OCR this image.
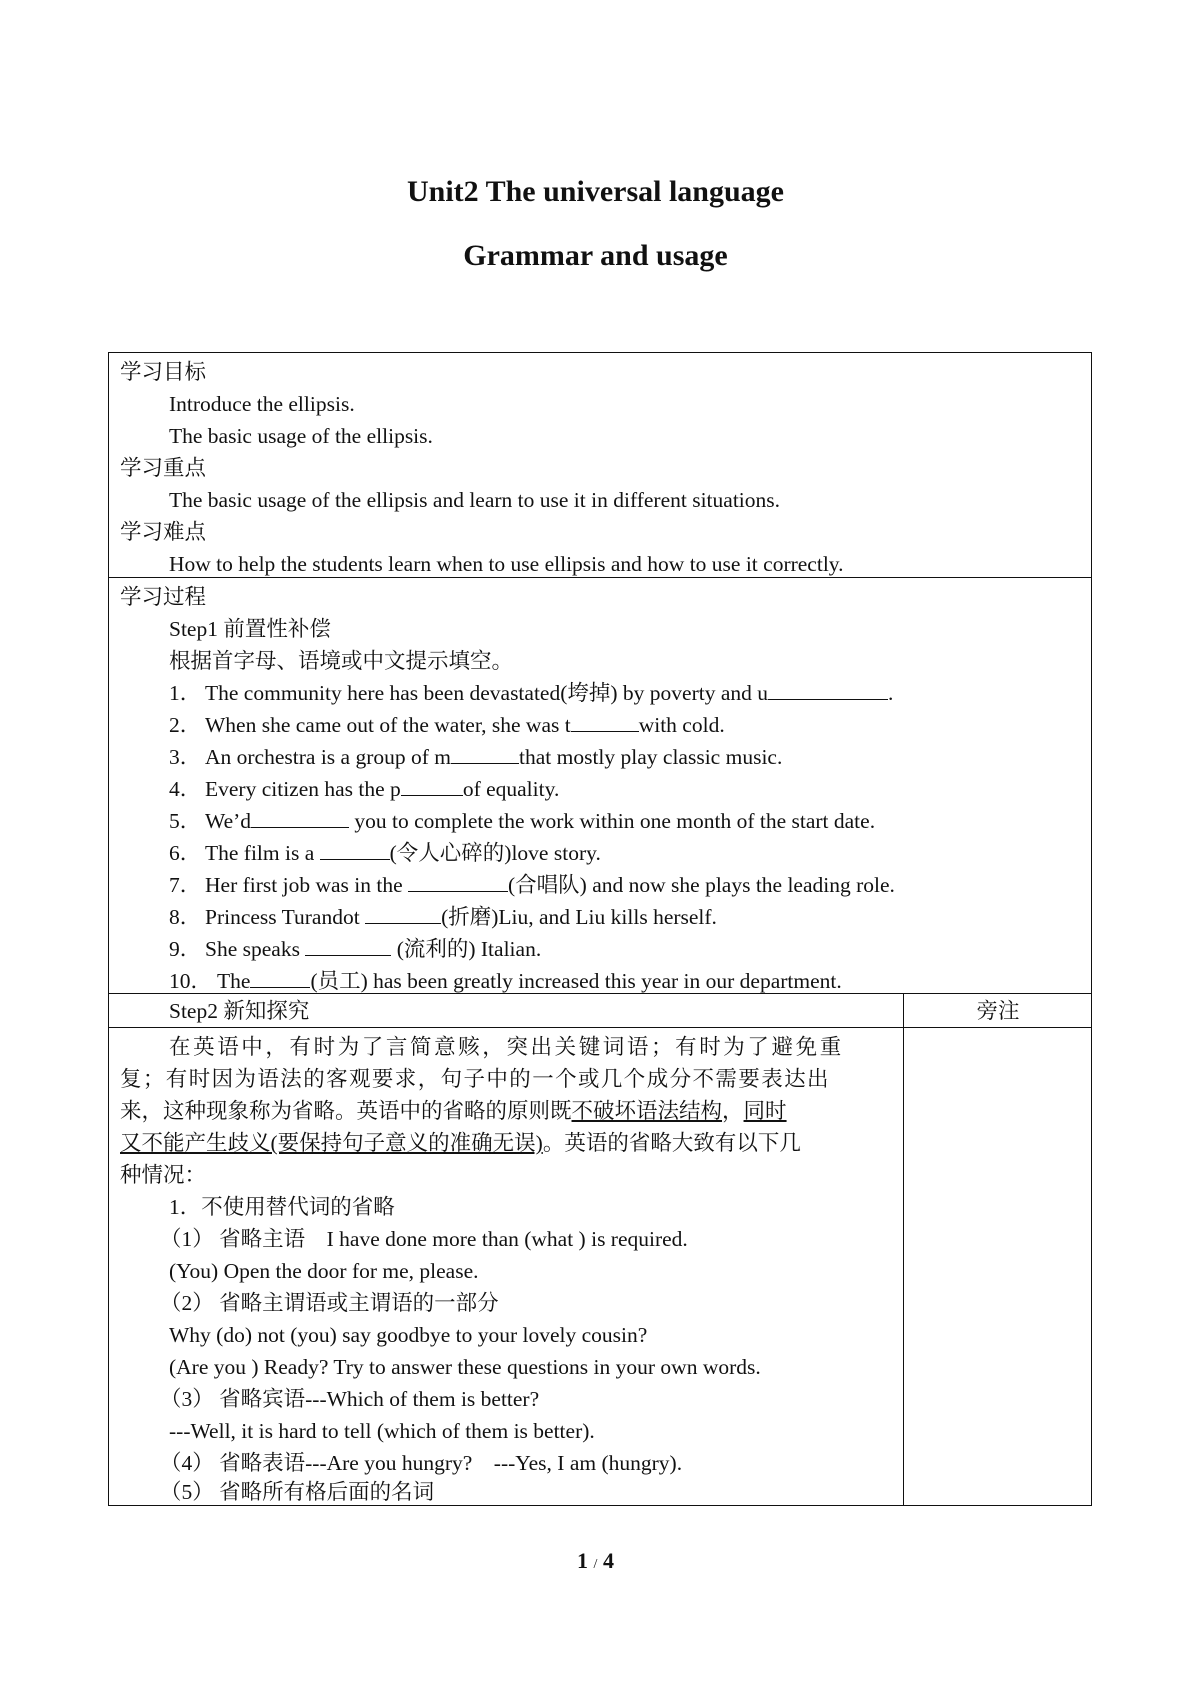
Unit2 The universal language
Grammar and usage
学习目标
Introduce the ellipsis.
The basic usage of the ellipsis.
学习重点
The basic usage of the ellipsis and learn to use it in different situations.
学习难点
How to help the students learn when to use ellipsis and how to use it correctly.
学习过程
Step1 前置性补偿
根据首字母、语境或中文提示填空。
1． The community here has been devastated(垮掉) by poverty and u	.
2． When she came out of the water, she was t	with cold.
3． An orchestra is a group of m	that mostly play classic music.
4． Every citizen has the p	of equality.
5． We’d	you to complete the work within one month of the start date.
6． The film is a	(令人心碎的)love story.
7． Her first job was in the	(合唱队) and now she plays the leading role.
8． Princess Turandot	(折磨)Liu, and Liu kills herself.
9． She speaks	(流利的) Italian.
10． The	(员工) has been greatly increased this year in our department.
Step2 新知探究	旁注
在英语中，有时为了言简意赅，突出关键词语；有时为了避免重
复；有时因为语法的客观要求，句子中的一个或几个成分不需要表达出
来，这种现象称为省略。英语中的省略的原则既不破坏语法结构，同时
又不能产生歧义(要保持句子意义的准确无误)。英语的省略大致有以下几
种情况：
1．不使用替代词的省略
（1） 省略主语　I have done more than (what ) is required.
(You) Open the door for me, please.
（2） 省略主谓语或主谓语的一部分
Why (do) not (you) say goodbye to your lovely cousin?
(Are you ) Ready? Try to answer these questions in your own words.
（3） 省略宾语---Which of them is better?
---Well, it is hard to tell (which of them is better).
（4） 省略表语---Are you hungry?　---Yes, I am (hungry).
（5） 省略所有格后面的名词
1 / 4
